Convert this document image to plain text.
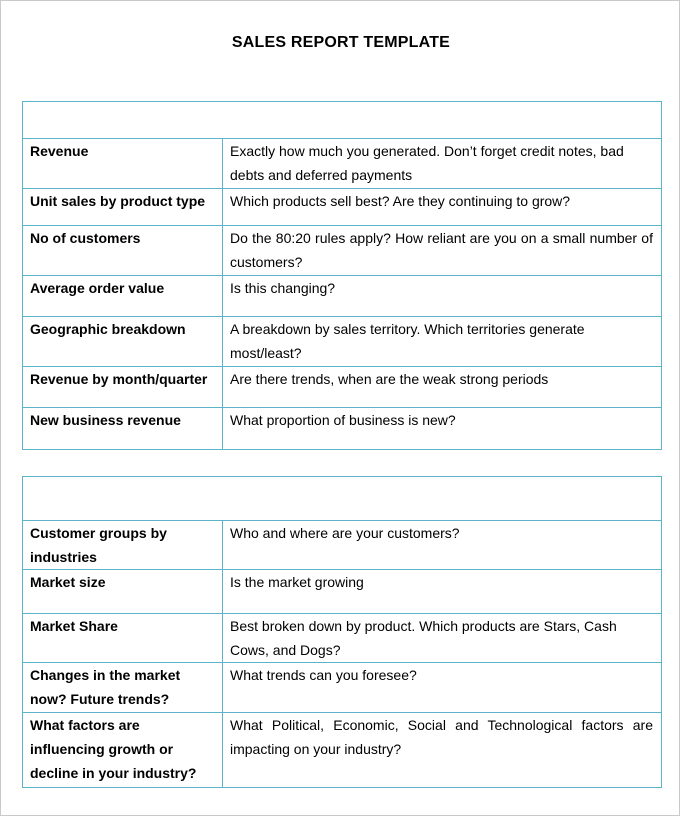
SALES REPORT TEMPLATE

Revenue	Exactly how much you generated. Don’t forget credit notes, bad debts and deferred payments
Unit sales by product type	Which products sell best? Are they continuing to grow?
No of customers	Do the 80:20 rules apply? How reliant are you on a small number of customers?
Average order value	Is this changing?
Geographic breakdown	A breakdown by sales territory. Which territories generate most/least?
Revenue by month/quarter	Are there trends, when are the weak strong periods
New business revenue	What proportion of business is new?

Customer groups by industries	Who and where are your customers?
Market size	Is the market growing
Market Share	Best broken down by product. Which products are Stars, Cash Cows, and Dogs?
Changes in the market now? Future trends?	What trends can you foresee?
What factors are influencing growth or decline in your industry?	What Political, Economic, Social and Technological factors are impacting on your industry?
